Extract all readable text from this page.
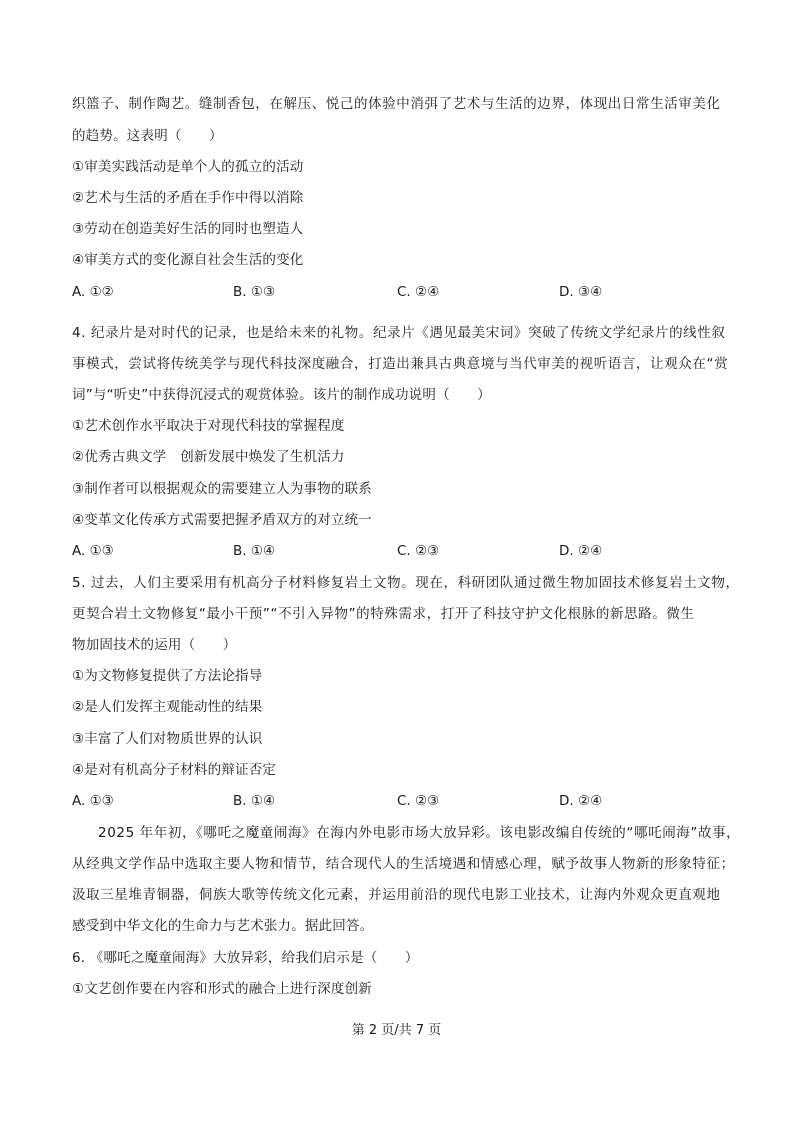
织篮子、制作陶艺。缝制香包，在解压、悦己的体验中消弭了艺术与生活的边界，体现出日常生活审美化
的趋势。这表明（　　）
①审美实践活动是单个人的孤立的活动
②艺术与生活的矛盾在手作中得以消除
③劳动在创造美好生活的同时也塑造人
④审美方式的变化源自社会生活的变化
A. ①②	B. ①③	C. ②④	D. ③④
4. 纪录片是对时代的记录，也是给未来的礼物。纪录片《遇见最美宋词》突破了传统文学纪录片的线性叙
事模式，尝试将传统美学与现代科技深度融合，打造出兼具古典意境与当代审美的视听语言，让观众在“赏
词”与“听史”中获得沉浸式的观赏体验。该片的制作成功说明（　　）
①艺术创作水平取决于对现代科技的掌握程度
②优秀古典文学　创新发展中焕发了生机活力
③制作者可以根据观众的需要建立人为事物的联系
④变革文化传承方式需要把握矛盾双方的对立统一
A. ①③	B. ①④	C. ②③	D. ②④
5. 过去，人们主要采用有机高分子材料修复岩土文物。现在，科研团队通过微生物加固技术修复岩土文物，
更契合岩土文物修复“最小干预”“不引入异物”的特殊需求，打开了科技守护文化根脉的新思路。微生
物加固技术的运用（　　）
①为文物修复提供了方法论指导
②是人们发挥主观能动性的结果
③丰富了人们对物质世界的认识
④是对有机高分子材料的辩证否定
A. ①③	B. ①④	C. ②③	D. ②④
2025 年年初，《哪吒之魔童闹海》在海内外电影市场大放异彩。该电影改编自传统的“哪吒闹海”故事，
从经典文学作品中选取主要人物和情节，结合现代人的生活境遇和情感心理，赋予故事人物新的形象特征；
汲取三星堆青铜器，侗族大歌等传统文化元素，并运用前沿的现代电影工业技术，让海内外观众更直观地
感受到中华文化的生命力与艺术张力。据此回答。
6. 《哪吒之魔童闹海》大放异彩，给我们启示是（　　）
①文艺创作要在内容和形式的融合上进行深度创新
第 2 页/共 7 页
